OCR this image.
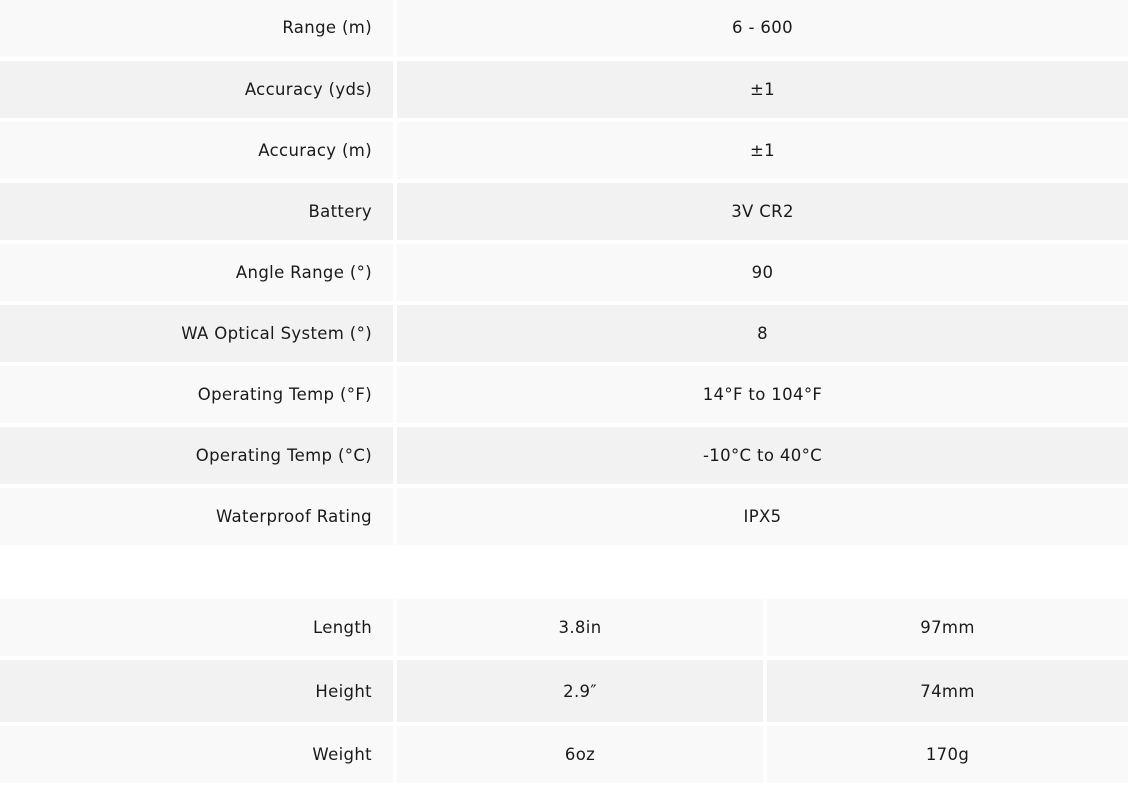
Range (m)	6 - 600
Accuracy (yds)	±1
Accuracy (m)	±1
Battery	3V CR2
Angle Range (°)	90
WA Optical System (°)	8
Operating Temp (°F)	14°F to 104°F
Operating Temp (°C)	-10°C to 40°C
Waterproof Rating	IPX5
Length	3.8in	97mm
Height	2.9″	74mm
Weight	6oz	170g
